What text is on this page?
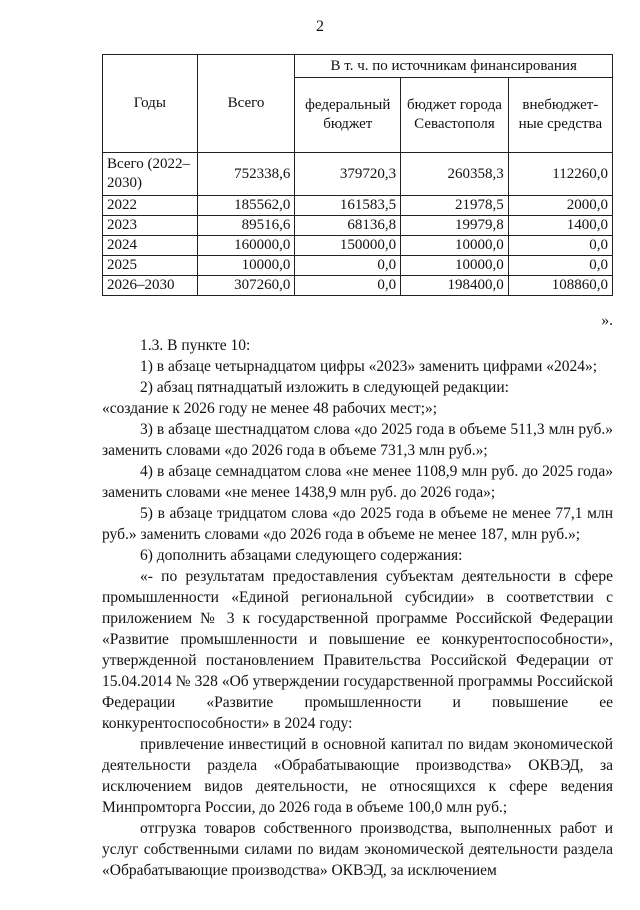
2
Годы	Всего	В т. ч. по источникам финансирования		
		федеральный бюджет	бюджет города Севастополя	внебюджет-ные средства
Всего (2022–2030)	752338,6	379720,3	260358,3	112260,0
2022	185562,0	161583,5	21978,5	2000,0
2023	89516,6	68136,8	19979,8	1400,0
2024	160000,0	150000,0	10000,0	0,0
2025	10000,0	0,0	10000,0	0,0
2026–2030	307260,0	0,0	198400,0	108860,0
».

1.3. В пункте 10:

1) в абзаце четырнадцатом цифры «2023» заменить цифрами «2024»;

2) абзац пятнадцатый изложить в следующей редакции:

«создание к 2026 году не менее 48 рабочих мест;»;

3) в абзаце шестнадцатом слова «до 2025 года в объеме 511,3 млн руб.» заменить словами «до 2026 года в объеме 731,3 млн руб.»;

4) в абзаце семнадцатом слова «не менее 1108,9 млн руб. до 2025 года» заменить словами «не менее 1438,9 млн руб. до 2026 года»;

5) в абзаце тридцатом слова «до 2025 года в объеме не менее 77,1 млн руб.» заменить словами «до 2026 года в объеме не менее 187, млн руб.»;

6) дополнить абзацами следующего содержания:

«- по результатам предоставления субъектам деятельности в сфере промышленности «Единой региональной субсидии» в соответствии с приложением № 3 к государственной программе Российской Федерации «Развитие промышленности и повышение ее конкурентоспособности», утвержденной постановлением Правительства Российской Федерации от 15.04.2014 № 328 «Об утверждении государственной программы Российской Федерации «Развитие промышленности и повышение ее конкурентоспособности» в 2024 году:

привлечение инвестиций в основной капитал по видам экономической деятельности раздела «Обрабатывающие производства» ОКВЭД, за исключением видов деятельности, не относящихся к сфере ведения Минпромторга России, до 2026 года в объеме 100,0 млн руб.;

отгрузка товаров собственного производства, выполненных работ и услуг собственными силами по видам экономической деятельности раздела «Обрабатывающие производства» ОКВЭД, за исключением
